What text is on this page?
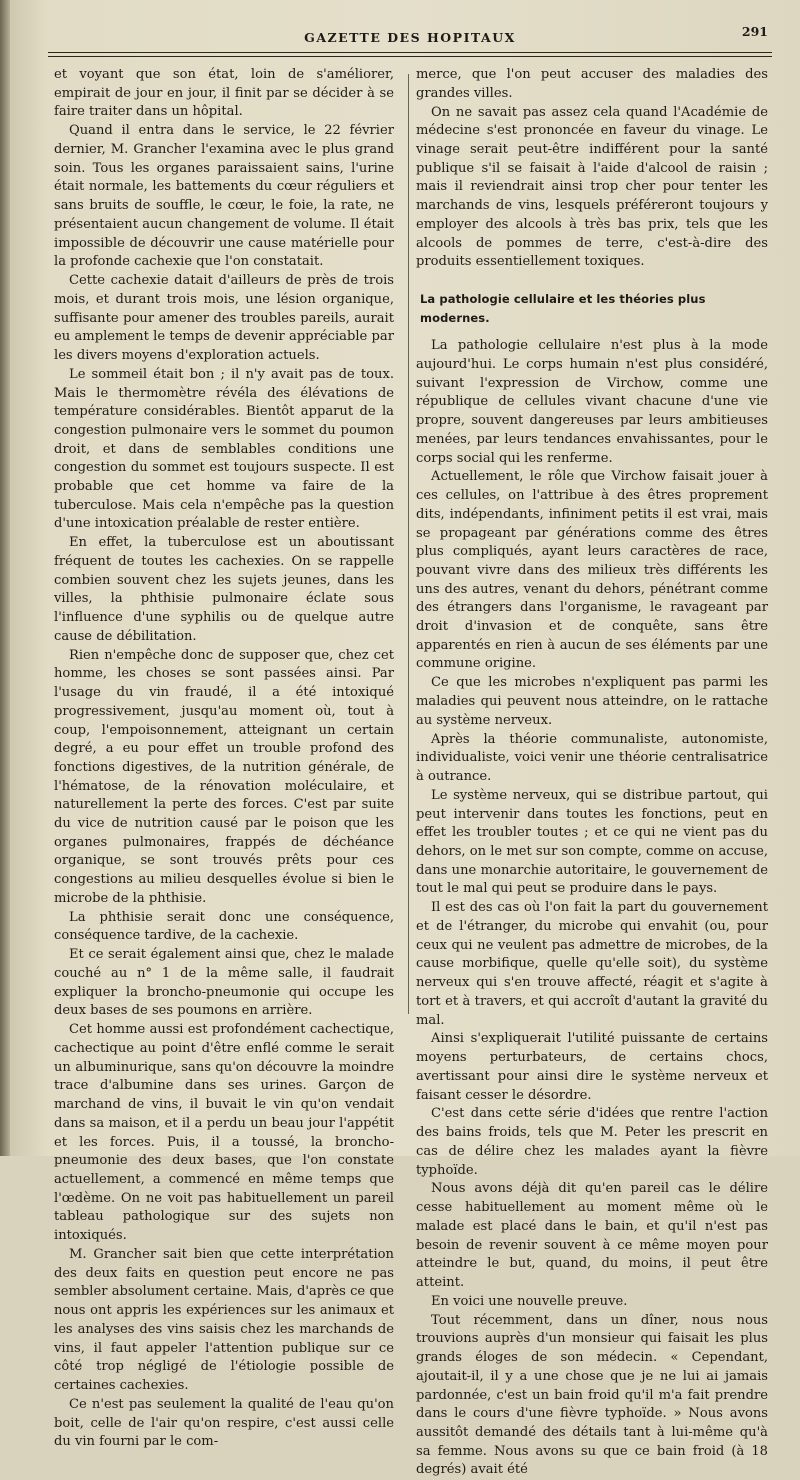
GAZETTE DES HOPITAUX	291

et voyant que son état, loin de s'améliorer, empirait de jour en jour, il finit par se décider à se faire traiter dans un hôpital.

Quand il entra dans le service, le 22 février dernier, M. Grancher l'examina avec le plus grand soin. Tous les organes paraissaient sains, l'urine était normale, les battements du cœur réguliers et sans bruits de souffle, le cœur, le foie, la rate, ne présentaient aucun changement de volume. Il était impossible de découvrir une cause matérielle pour la profonde cachexie que l'on constatait.

Cette cachexie datait d'ailleurs de près de trois mois, et durant trois mois, une lésion organique, suffisante pour amener des troubles pareils, aurait eu amplement le temps de devenir appréciable par les divers moyens d'exploration actuels.

Le sommeil était bon ; il n'y avait pas de toux. Mais le thermomètre révéla des élévations de température considérables. Bientôt apparut de la congestion pulmonaire vers le sommet du poumon droit, et dans de semblables conditions une congestion du sommet est toujours suspecte. Il est probable que cet homme va faire de la tuberculose. Mais cela n'empêche pas la question d'une intoxication préalable de rester entière.

En effet, la tuberculose est un aboutissant fréquent de toutes les cachexies. On se rappelle combien souvent chez les sujets jeunes, dans les villes, la phthisie pulmonaire éclate sous l'influence d'une syphilis ou de quelque autre cause de débilitation.

Rien n'empêche donc de supposer que, chez cet homme, les choses se sont passées ainsi. Par l'usage du vin fraudé, il a été intoxiqué progressivement, jusqu'au moment où, tout à coup, l'empoisonnement, atteignant un certain degré, a eu pour effet un trouble profond des fonctions digestives, de la nutrition générale, de l'hématose, de la rénovation moléculaire, et naturellement la perte des forces. C'est par suite du vice de nutrition causé par le poison que les organes pulmonaires, frappés de déchéance organique, se sont trouvés prêts pour ces congestions au milieu desquelles évolue si bien le microbe de la phthisie.

La phthisie serait donc une conséquence, conséquence tardive, de la cachexie.

Et ce serait également ainsi que, chez le malade couché au n° 1 de la même salle, il faudrait expliquer la broncho-pneumonie qui occupe les deux bases de ses poumons en arrière.

Cet homme aussi est profondément cachectique, cachectique au point d'être enflé comme le serait un albuminurique, sans qu'on découvre la moindre trace d'albumine dans ses urines. Garçon de marchand de vins, il buvait le vin qu'on vendait dans sa maison, et il a perdu un beau jour l'appétit et les forces. Puis, il a toussé, la broncho-pneumonie des deux bases, que l'on constate actuellement, a commencé en même temps que l'œdème. On ne voit pas habituellement un pareil tableau pathologique sur des sujets non intoxiqués.

M. Grancher sait bien que cette interprétation des deux faits en question peut encore ne pas sembler absolument certaine. Mais, d'après ce que nous ont appris les expériences sur les animaux et les analyses des vins saisis chez les marchands de vins, il faut appeler l'attention publique sur ce côté trop négligé de l'étiologie possible de certaines cachexies.

Ce n'est pas seulement la qualité de l'eau qu'on boit, celle de l'air qu'on respire, c'est aussi celle du vin fourni par le com-

merce, que l'on peut accuser des maladies des grandes villes.

On ne savait pas assez cela quand l'Académie de médecine s'est prononcée en faveur du vinage. Le vinage serait peut-être indifférent pour la santé publique s'il se faisait à l'aide d'alcool de raisin ; mais il reviendrait ainsi trop cher pour tenter les marchands de vins, lesquels préféreront toujours y employer des alcools à très bas prix, tels que les alcools de pommes de terre, c'est-à-dire des produits essentiellement toxiques.

La pathologie cellulaire et les théories plus modernes.

La pathologie cellulaire n'est plus à la mode aujourd'hui. Le corps humain n'est plus considéré, suivant l'expression de Virchow, comme une république de cellules vivant chacune d'une vie propre, souvent dangereuses par leurs ambitieuses menées, par leurs tendances envahissantes, pour le corps social qui les renferme.

Actuellement, le rôle que Virchow faisait jouer à ces cellules, on l'attribue à des êtres proprement dits, indépendants, infiniment petits il est vrai, mais se propageant par générations comme des êtres plus compliqués, ayant leurs caractères de race, pouvant vivre dans des milieux très différents les uns des autres, venant du dehors, pénétrant comme des étrangers dans l'organisme, le ravageant par droit d'invasion et de conquête, sans être apparentés en rien à aucun de ses éléments par une commune origine.

Ce que les microbes n'expliquent pas parmi les maladies qui peuvent nous atteindre, on le rattache au système nerveux.

Après la théorie communaliste, autonomiste, individualiste, voici venir une théorie centralisatrice à outrance.

Le système nerveux, qui se distribue partout, qui peut intervenir dans toutes les fonctions, peut en effet les troubler toutes ; et ce qui ne vient pas du dehors, on le met sur son compte, comme on accuse, dans une monarchie autoritaire, le gouvernement de tout le mal qui peut se produire dans le pays.

Il est des cas où l'on fait la part du gouvernement et de l'étranger, du microbe qui envahit (ou, pour ceux qui ne veulent pas admettre de microbes, de la cause morbifique, quelle qu'elle soit), du système nerveux qui s'en trouve affecté, réagit et s'agite à tort et à travers, et qui accroît d'autant la gravité du mal.

Ainsi s'expliquerait l'utilité puissante de certains moyens perturbateurs, de certains chocs, avertissant pour ainsi dire le système nerveux et faisant cesser le désordre.

C'est dans cette série d'idées que rentre l'action des bains froids, tels que M. Peter les prescrit en cas de délire chez les malades ayant la fièvre typhoïde.

Nous avons déjà dit qu'en pareil cas le délire cesse habituellement au moment même où le malade est placé dans le bain, et qu'il n'est pas besoin de revenir souvent à ce même moyen pour atteindre le but, quand, du moins, il peut être atteint.

En voici une nouvelle preuve.

Tout récemment, dans un dîner, nous nous trouvions auprès d'un monsieur qui faisait les plus grands éloges de son médecin. « Cependant, ajoutait-il, il y a une chose que je ne lui ai jamais pardonnée, c'est un bain froid qu'il m'a fait prendre dans le cours d'une fièvre typhoïde. » Nous avons aussitôt demandé des détails tant à lui-même qu'à sa femme. Nous avons su que ce bain froid (à 18 degrés) avait été
